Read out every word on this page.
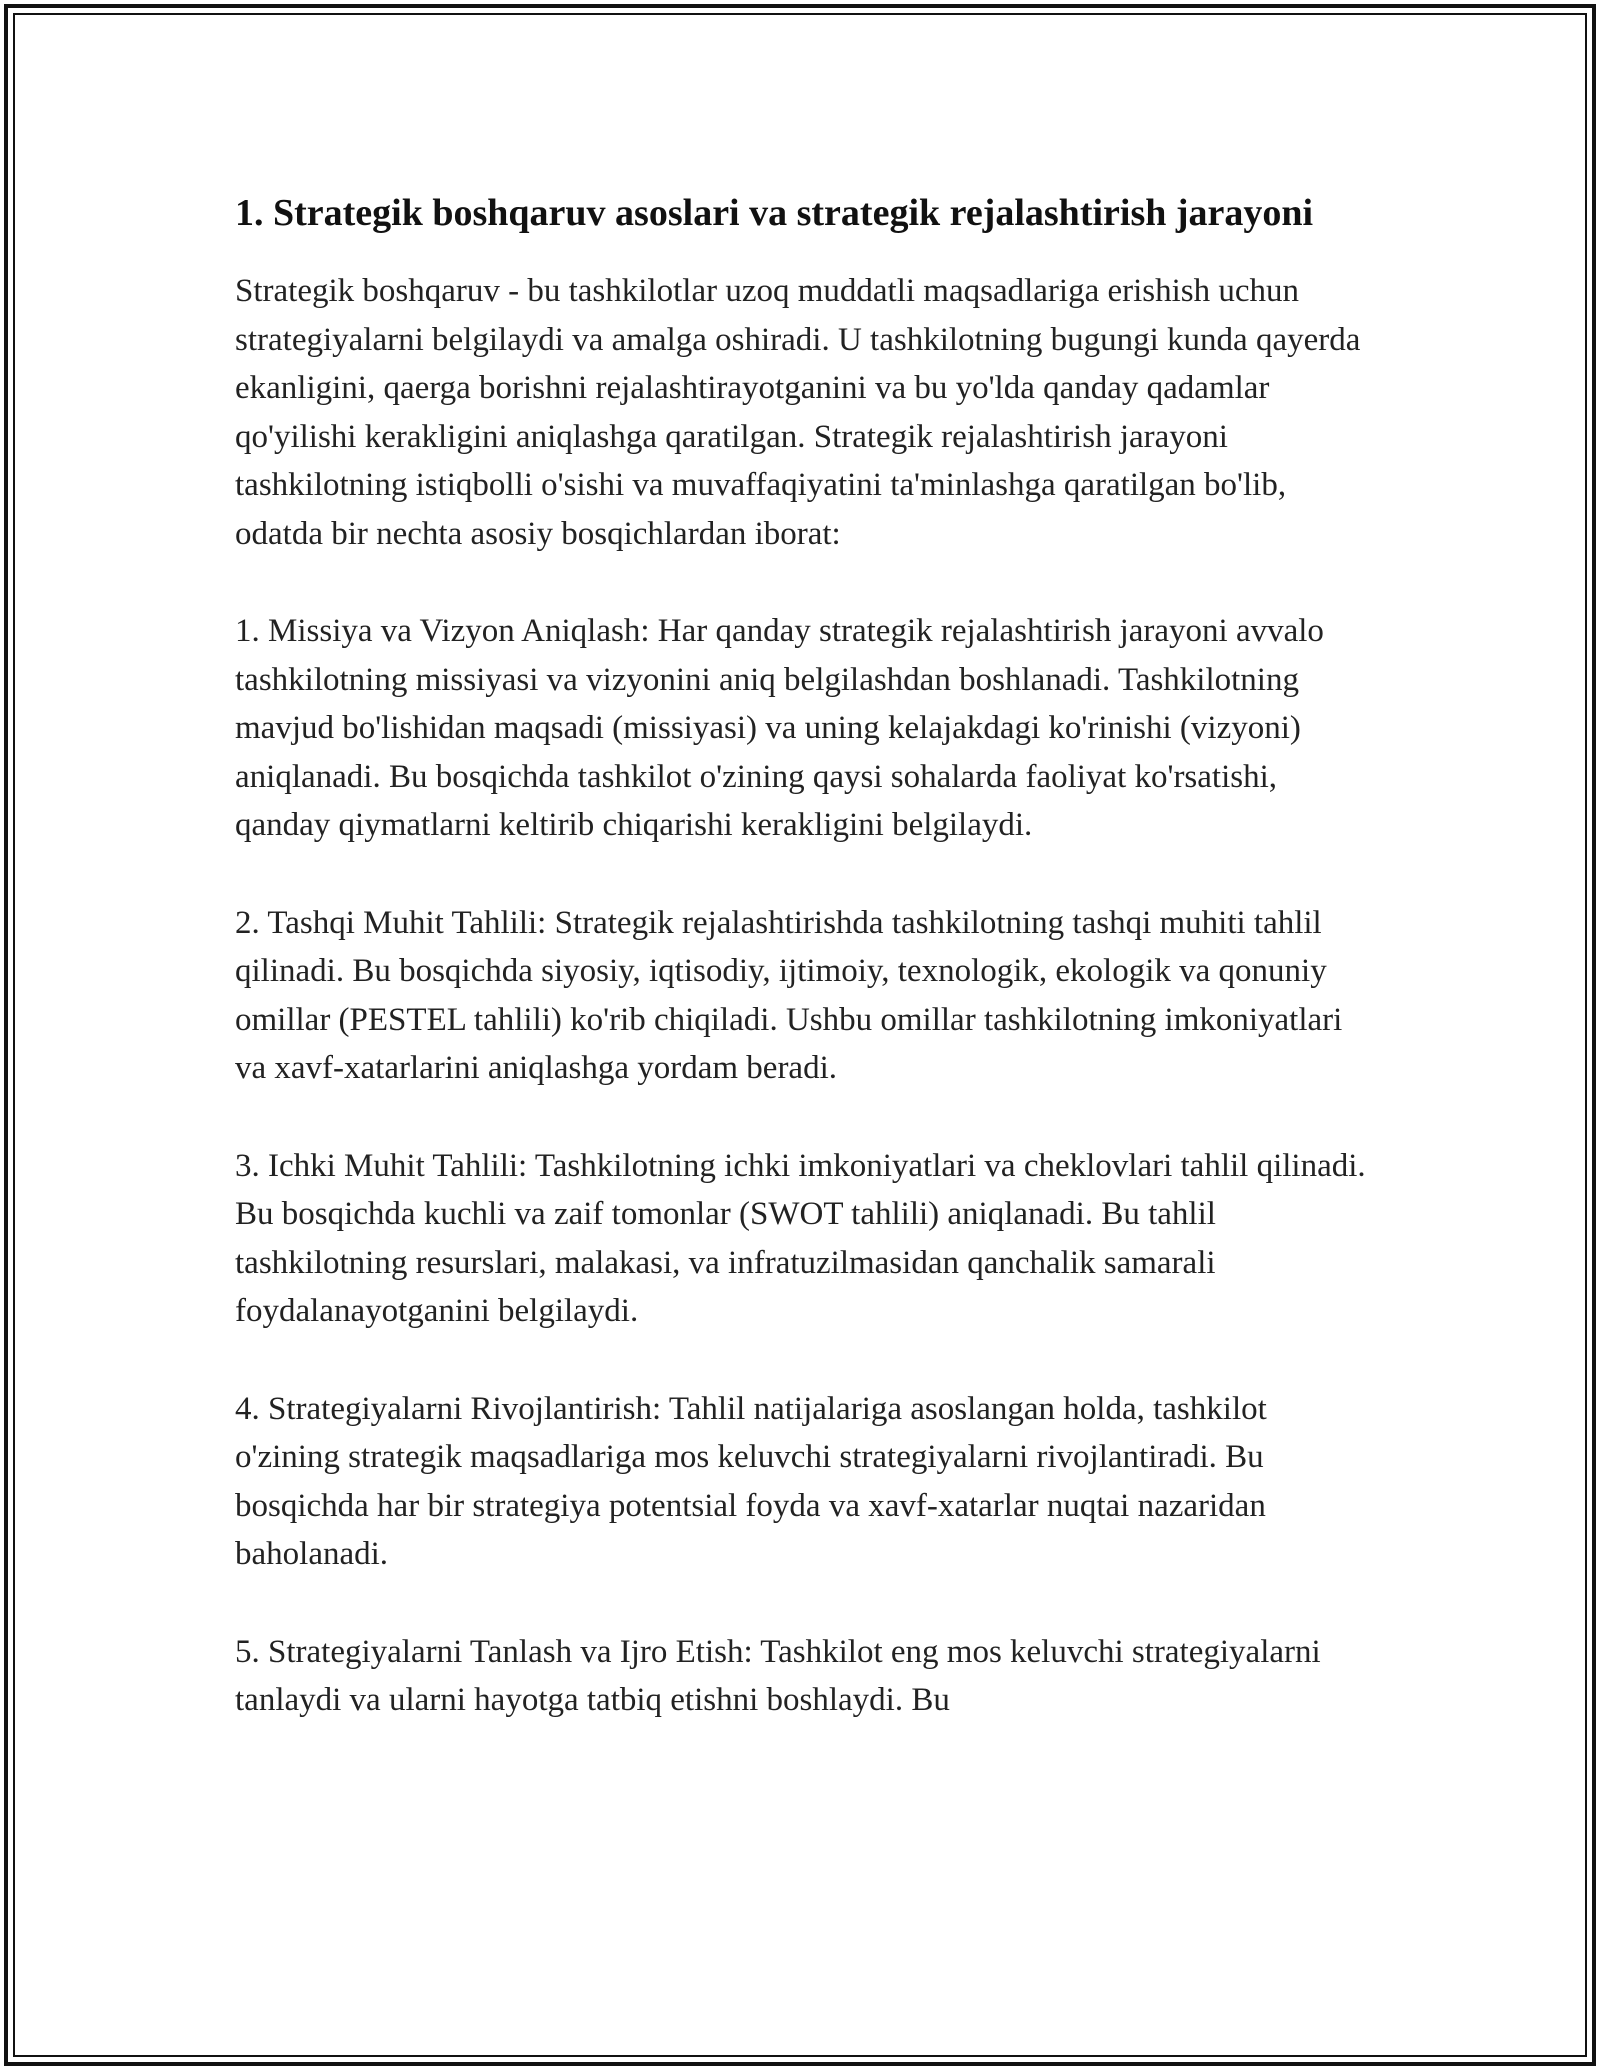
1. Strategik boshqaruv asoslari va strategik rejalashtirish jarayoni

Strategik boshqaruv - bu tashkilotlar uzoq muddatli maqsadlariga erishish uchun strategiyalarni belgilaydi va amalga oshiradi. U tashkilotning bugungi kunda qayerda ekanligini, qaerga borishni rejalashtirayotganini va bu yo'lda qanday qadamlar qo'yilishi kerakligini aniqlashga qaratilgan. Strategik rejalashtirish jarayoni tashkilotning istiqbolli o'sishi va muvaffaqiyatini ta'minlashga qaratilgan bo'lib, odatda bir nechta asosiy bosqichlardan iborat:

1. Missiya va Vizyon Aniqlash: Har qanday strategik rejalashtirish jarayoni avvalo tashkilotning missiyasi va vizyonini aniq belgilashdan boshlanadi. Tashkilotning mavjud bo'lishidan maqsadi (missiyasi) va uning kelajakdagi ko'rinishi (vizyoni) aniqlanadi. Bu bosqichda tashkilot o'zining qaysi sohalarda faoliyat ko'rsatishi, qanday qiymatlarni keltirib chiqarishi kerakligini belgilaydi.

2. Tashqi Muhit Tahlili: Strategik rejalashtirishda tashkilotning tashqi muhiti tahlil qilinadi. Bu bosqichda siyosiy, iqtisodiy, ijtimoiy, texnologik, ekologik va qonuniy omillar (PESTEL tahlili) ko'rib chiqiladi. Ushbu omillar tashkilotning imkoniyatlari va xavf-xatarlarini aniqlashga yordam beradi.

3. Ichki Muhit Tahlili: Tashkilotning ichki imkoniyatlari va cheklovlari tahlil qilinadi. Bu bosqichda kuchli va zaif tomonlar (SWOT tahlili) aniqlanadi. Bu tahlil tashkilotning resurslari, malakasi, va infratuzilmasidan qanchalik samarali foydalanayotganini belgilaydi.

4. Strategiyalarni Rivojlantirish: Tahlil natijalariga asoslangan holda, tashkilot o'zining strategik maqsadlariga mos keluvchi strategiyalarni rivojlantiradi. Bu bosqichda har bir strategiya potentsial foyda va xavf-xatarlar nuqtai nazaridan baholanadi.

5. Strategiyalarni Tanlash va Ijro Etish: Tashkilot eng mos keluvchi strategiyalarni tanlaydi va ularni hayotga tatbiq etishni boshlaydi. Bu
